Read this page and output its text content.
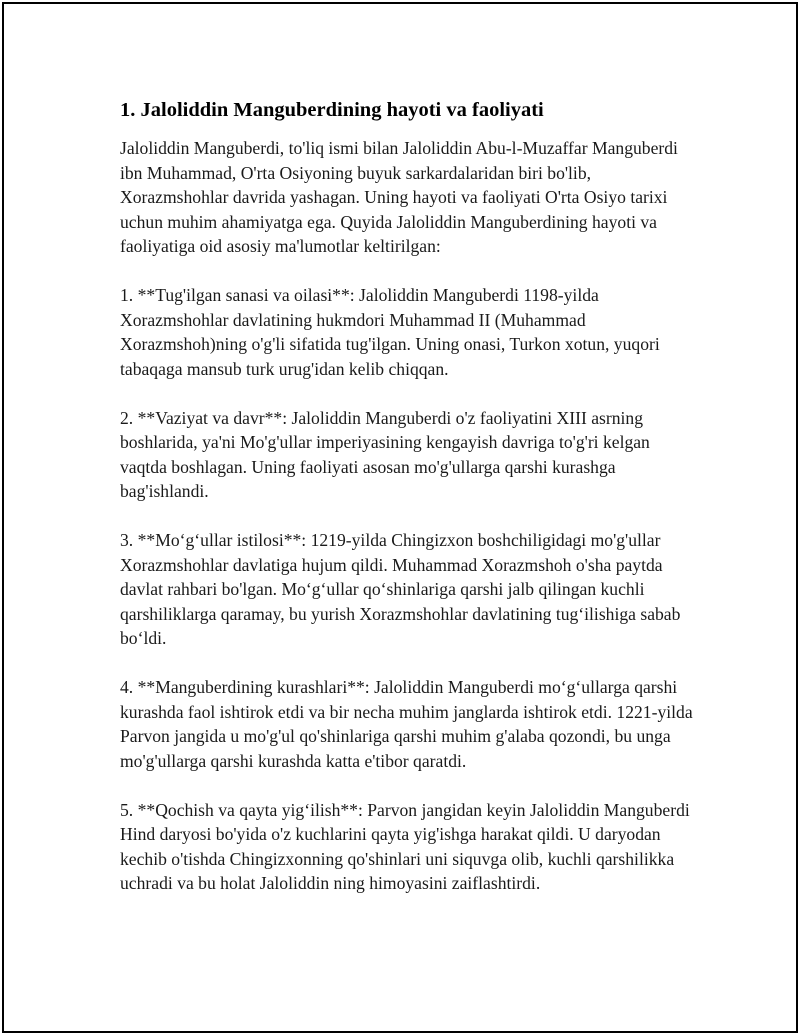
1. Jaloliddin Manguberdining hayoti va faoliyati

Jaloliddin Manguberdi, to'liq ismi bilan Jaloliddin Abu-l-Muzaffar Manguberdi ibn Muhammad, O'rta Osiyoning buyuk sarkardalaridan biri bo'lib, Xorazmshohlar davrida yashagan. Uning hayoti va faoliyati O'rta Osiyo tarixi uchun muhim ahamiyatga ega. Quyida Jaloliddin Manguberdining hayoti va faoliyatiga oid asosiy ma'lumotlar keltirilgan:

1. **Tug'ilgan sanasi va oilasi**: Jaloliddin Manguberdi 1198-yilda Xorazmshohlar davlatining hukmdori Muhammad II (Muhammad Xorazmshoh)ning o'g'li sifatida tug'ilgan. Uning onasi, Turkon xotun, yuqori tabaqaga mansub turk urug'idan kelib chiqqan.

2. **Vaziyat va davr**: Jaloliddin Manguberdi o'z faoliyatini XIII asrning boshlarida, ya'ni Mo'g'ullar imperiyasining kengayish davriga to'g'ri kelgan vaqtda boshlagan. Uning faoliyati asosan mo'g'ullarga qarshi kurashga bag'ishlandi.

3. **Mo‘g‘ullar istilosi**: 1219-yilda Chingizxon boshchiligidagi mo'g'ullar Xorazmshohlar davlatiga hujum qildi. Muhammad Xorazmshoh o'sha paytda davlat rahbari bo'lgan. Mo‘g‘ullar qo‘shinlariga qarshi jalb qilingan kuchli qarshiliklarga qaramay, bu yurish Xorazmshohlar davlatining tug‘ilishiga sabab bo‘ldi.

4. **Manguberdining kurashlari**: Jaloliddin Manguberdi mo‘g‘ullarga qarshi kurashda faol ishtirok etdi va bir necha muhim janglarda ishtirok etdi. 1221-yilda Parvon jangida u mo'g'ul qo'shinlariga qarshi muhim g'alaba qozondi, bu unga mo'g'ullarga qarshi kurashda katta e'tibor qaratdi.

5. **Qochish va qayta yig‘ilish**: Parvon jangidan keyin Jaloliddin Manguberdi Hind daryosi bo'yida o'z kuchlarini qayta yig'ishga harakat qildi. U daryodan kechib o'tishda Chingizxonning qo'shinlari uni siquvga olib, kuchli qarshilikka uchradi va bu holat Jaloliddin ning himoyasini zaiflashtirdi.
